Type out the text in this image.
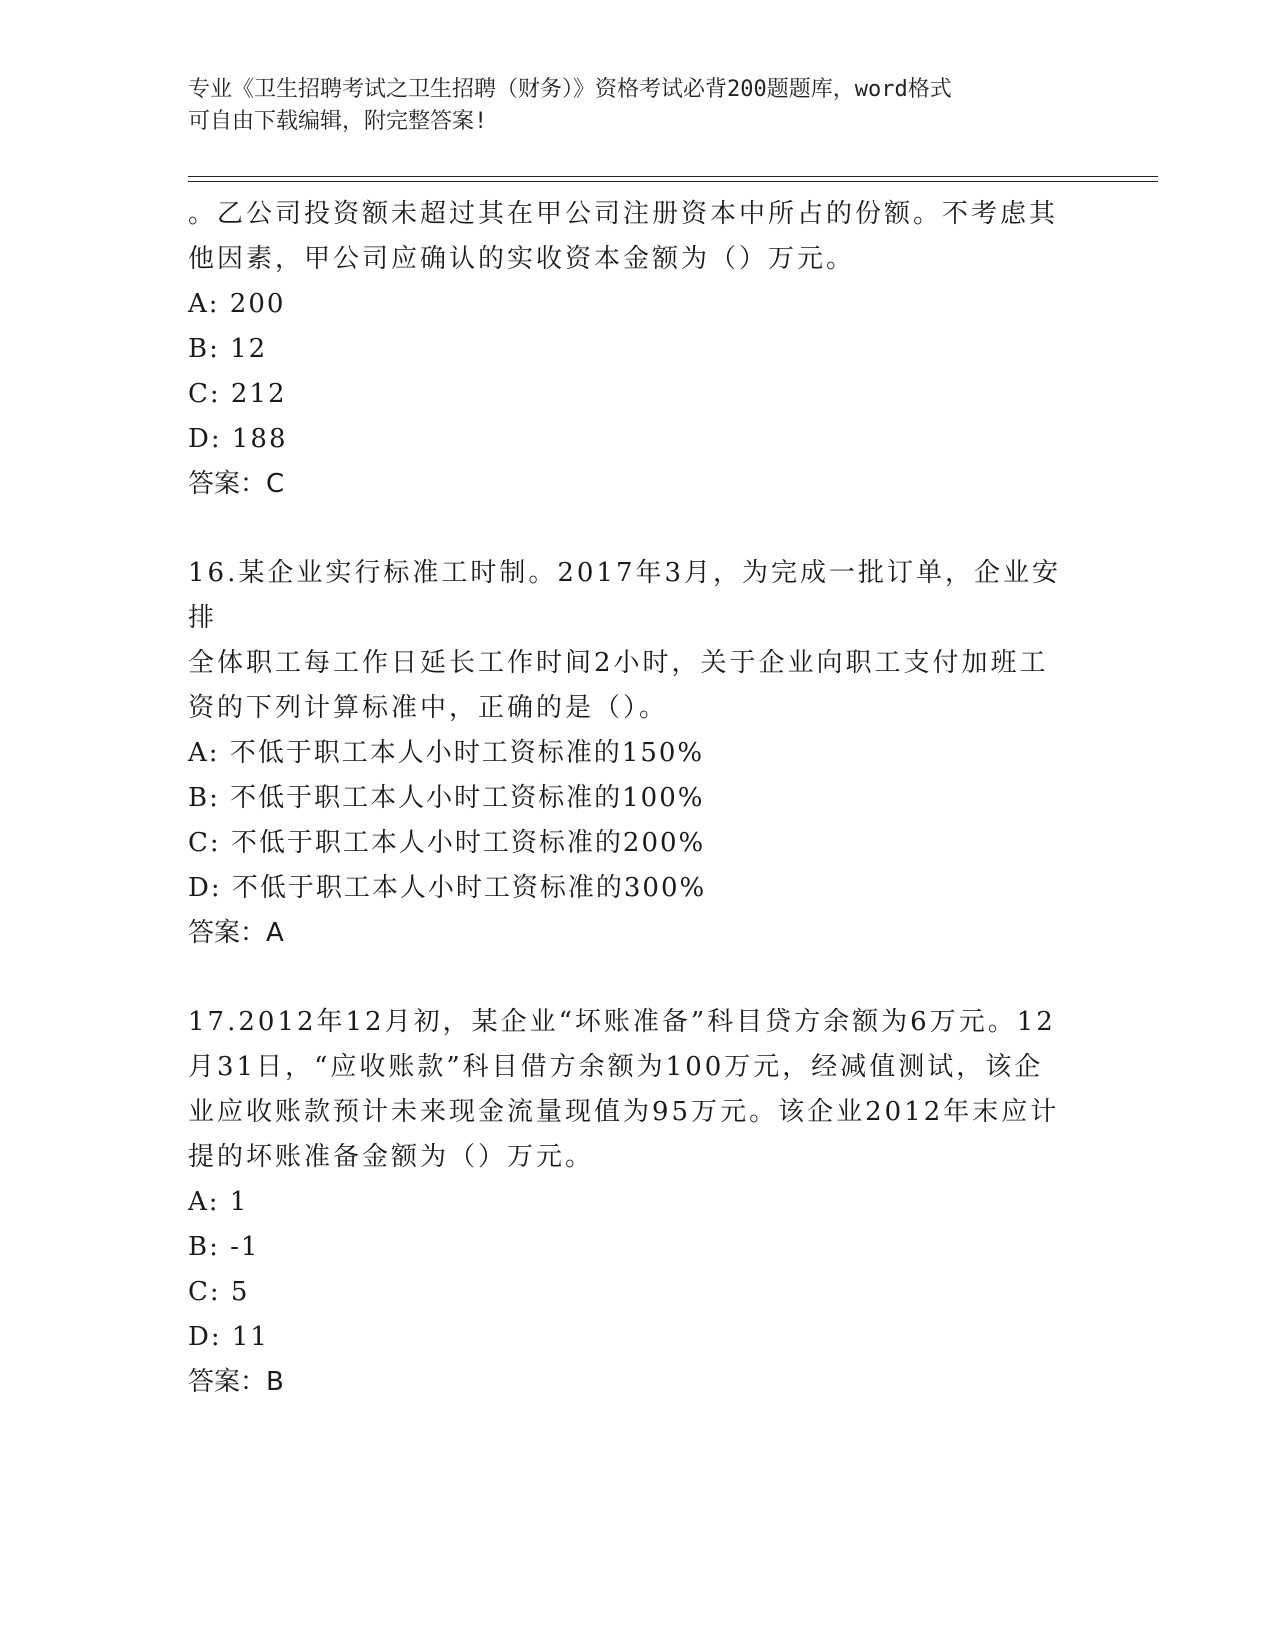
专业《卫生招聘考试之卫生招聘（财务）》资格考试必背200题题库，word格式
可自由下载编辑，附完整答案!

。乙公司投资额未超过其在甲公司注册资本中所占的份额。不考虑其

他因素，甲公司应确认的实收资本金额为（）万元。

A: 200

B: 12

C: 212

D: 188

答案：C

16.某企业实行标准工时制。2017年3月，为完成一批订单，企业安排

全体职工每工作日延长工作时间2小时，关于企业向职工支付加班工

资的下列计算标准中，正确的是（）。

A: 不低于职工本人小时工资标准的150%

B: 不低于职工本人小时工资标准的100%

C: 不低于职工本人小时工资标准的200%

D: 不低于职工本人小时工资标准的300%

答案：A

17.2012年12月初，某企业“坏账准备”科目贷方余额为6万元。12

月31日，“应收账款”科目借方余额为100万元，经减值测试，该企

业应收账款预计未来现金流量现值为95万元。该企业2012年末应计

提的坏账准备金额为（）万元。

A: 1

B: -1

C: 5

D: 11

答案：B
